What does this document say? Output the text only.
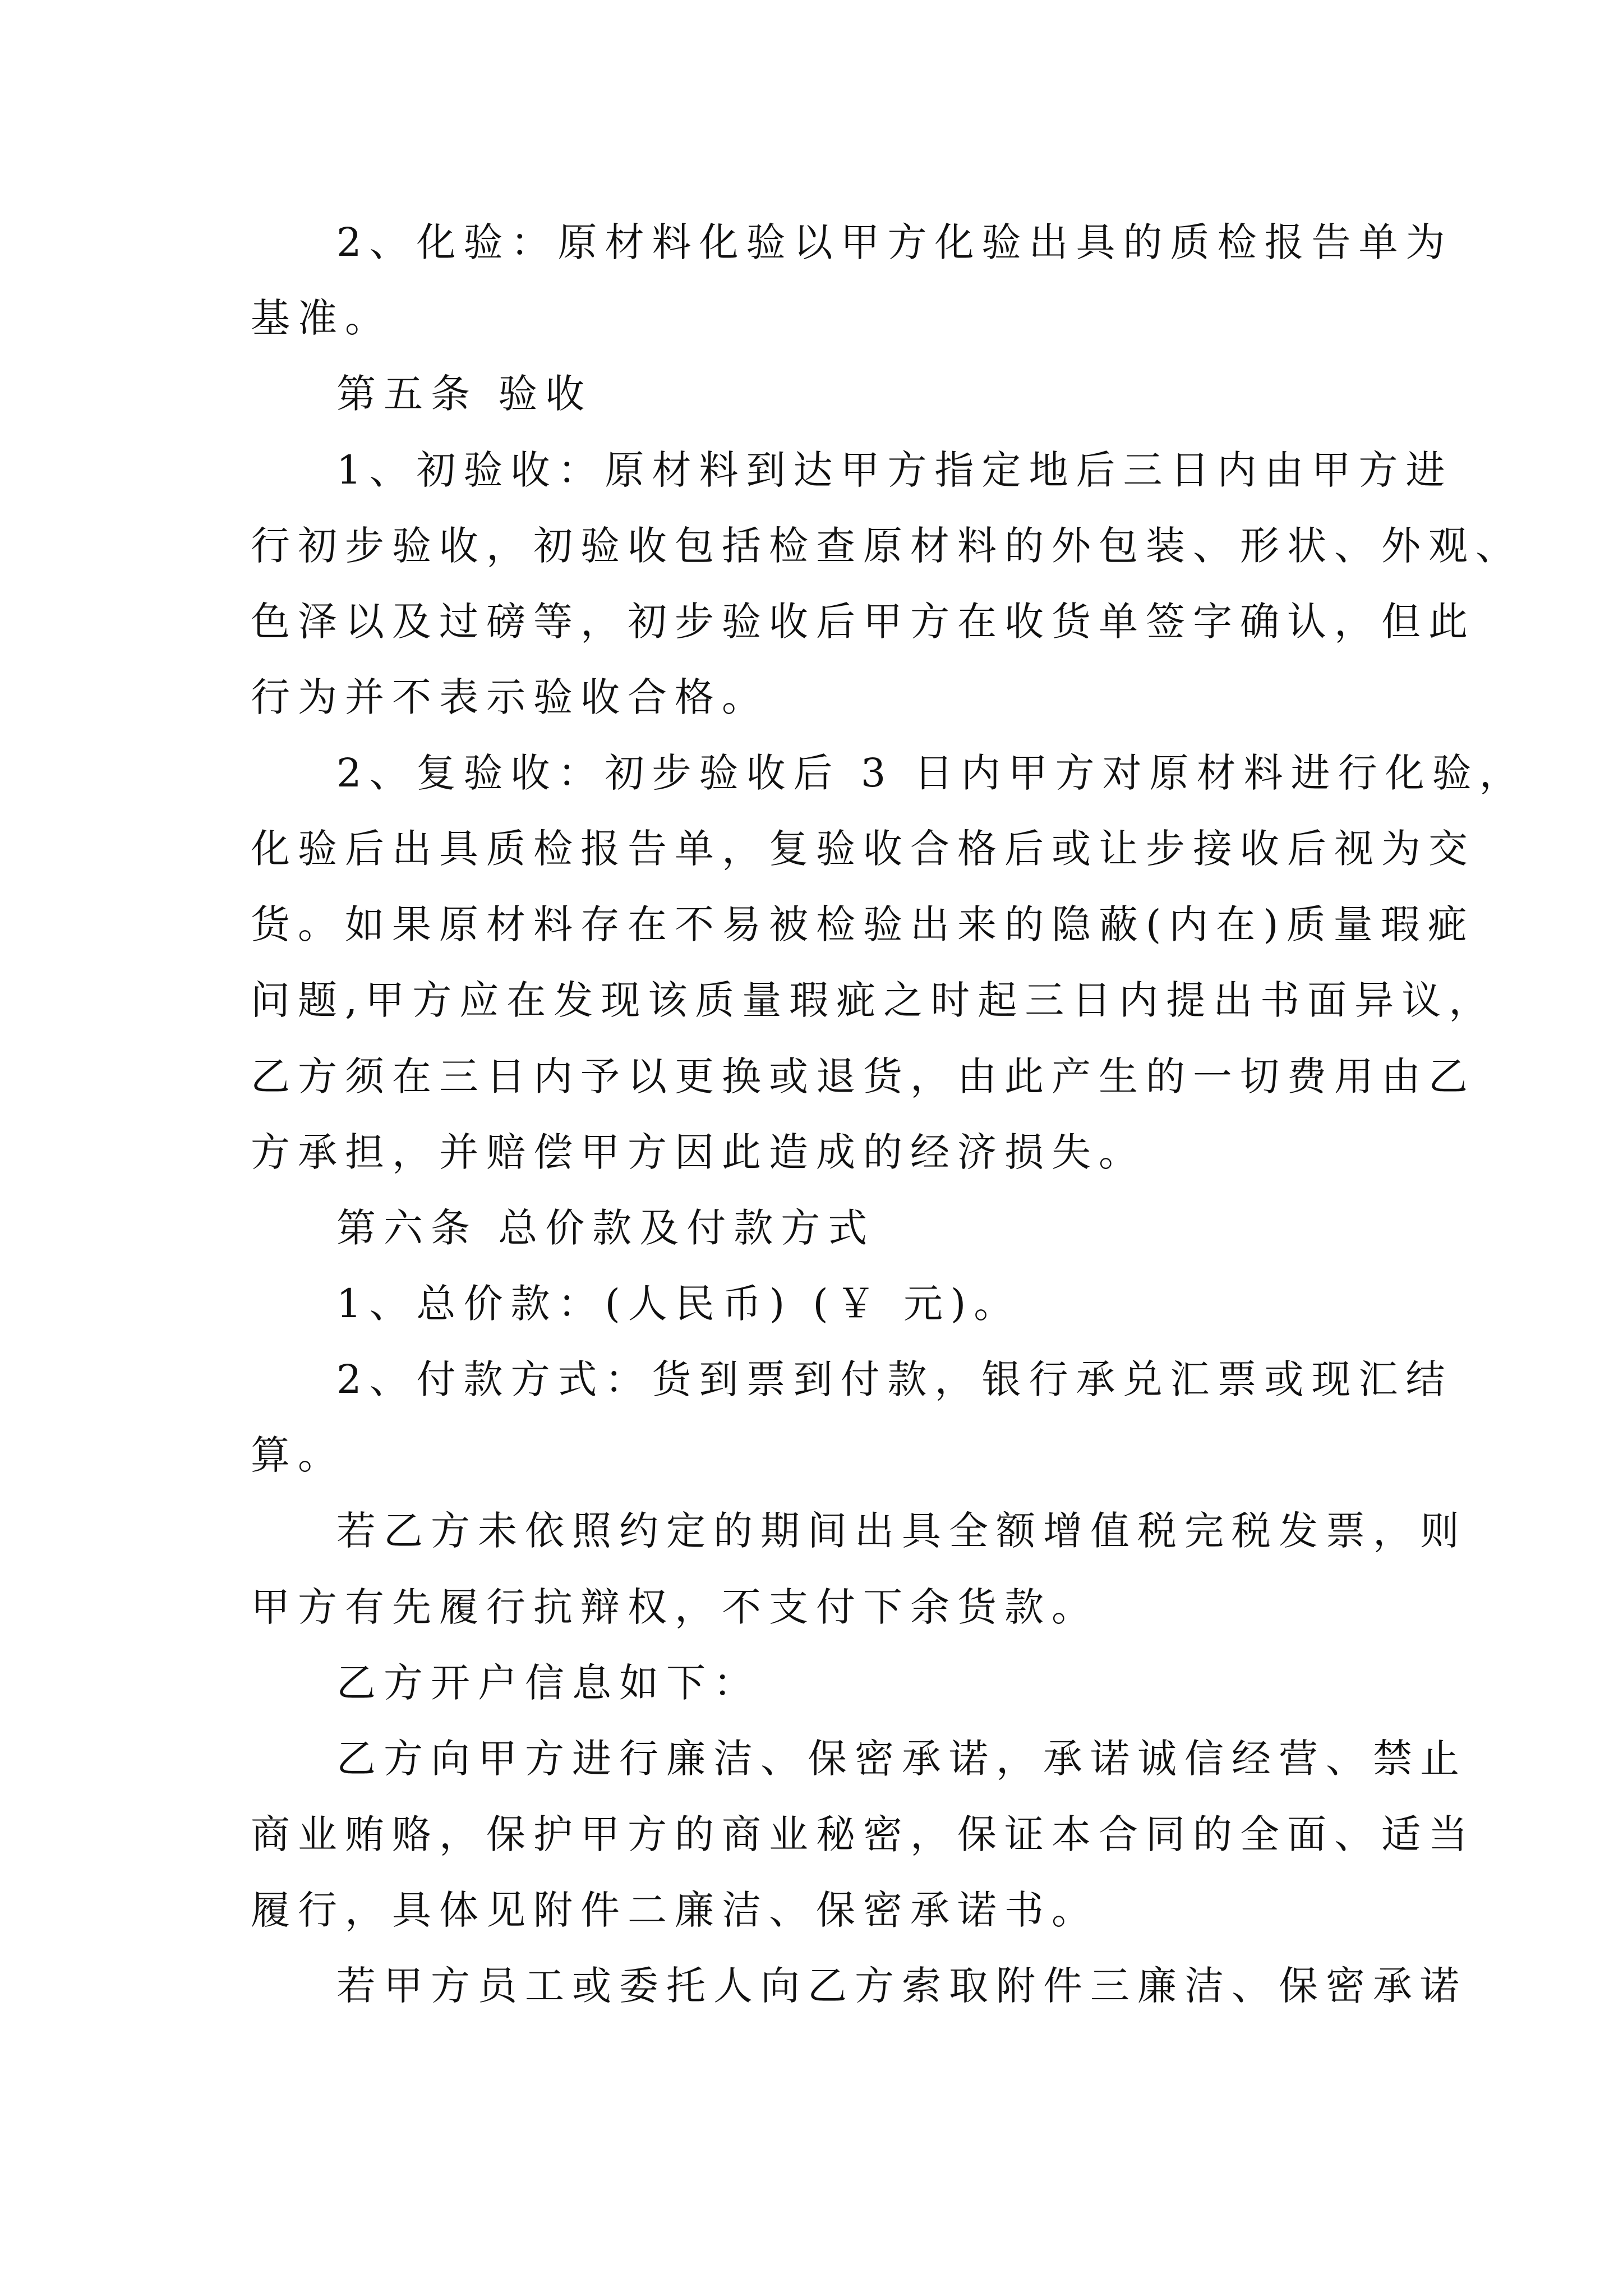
2、化验：原材料化验以甲方化验出具的质检报告单为
基准。
第五条 验收
1、初验收：原材料到达甲方指定地后三日内由甲方进
行初步验收，初验收包括检查原材料的外包装、形状、外观、
色泽以及过磅等，初步验收后甲方在收货单签字确认，但此
行为并不表示验收合格。
2、复验收：初步验收后 3 日内甲方对原材料进行化验，
化验后出具质检报告单，复验收合格后或让步接收后视为交
货。如果原材料存在不易被检验出来的隐蔽(内在)质量瑕疵
问题,甲方应在发现该质量瑕疵之时起三日内提出书面异议，
乙方须在三日内予以更换或退货，由此产生的一切费用由乙
方承担，并赔偿甲方因此造成的经济损失。
第六条 总价款及付款方式
1、总价款：(人民币) (￥ 元)。
2、付款方式：货到票到付款，银行承兑汇票或现汇结
算。
若乙方未依照约定的期间出具全额增值税完税发票，则
甲方有先履行抗辩权，不支付下余货款。
乙方开户信息如下：
乙方向甲方进行廉洁、保密承诺，承诺诚信经营、禁止
商业贿赂，保护甲方的商业秘密，保证本合同的全面、适当
履行，具体见附件二廉洁、保密承诺书。
若甲方员工或委托人向乙方索取附件三廉洁、保密承诺
